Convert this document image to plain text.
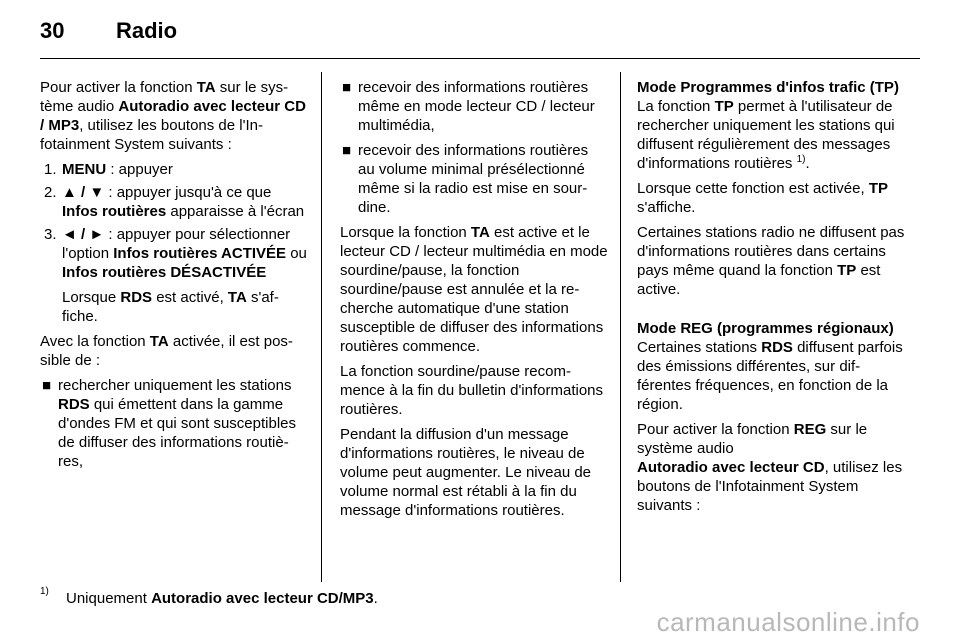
30 Radio

Pour activer la fonction TA sur le système audio Autoradio avec lecteur CD / MP3, utilisez les boutons de l'Infotainment System suivants :

1. MENU : appuyer
2. ▲ / ▼ : appuyer jusqu'à ce que Infos routières apparaisse à l'écran
3. ◄ / ► : appuyer pour sélectionner l'option Infos routières ACTIVÉE ou Infos routières DÉSACTIVÉE

Lorsque RDS est activé, TA s'affiche.

Avec la fonction TA activée, il est possible de :

■ rechercher uniquement les stations RDS qui émettent dans la gamme d'ondes FM et qui sont susceptibles de diffuser des informations routières,
■ recevoir des informations routières même en mode lecteur CD / lecteur multimédia,
■ recevoir des informations routières au volume minimal présélectionné même si la radio est mise en sourdine.

Lorsque la fonction TA est active et le lecteur CD / lecteur multimédia en mode sourdine/pause, la fonction sourdine/pause est annulée et la recherche automatique d'une station susceptible de diffuser des informations routières commence.

La fonction sourdine/pause recommence à la fin du bulletin d'informations routières.

Pendant la diffusion d'un message d'informations routières, le niveau de volume peut augmenter. Le niveau de volume normal est rétabli à la fin du message d'informations routières.

Mode Programmes d'infos trafic (TP)

La fonction TP permet à l'utilisateur de rechercher uniquement les stations qui diffusent régulièrement des messages d'informations routières $^{1)}$.

Lorsque cette fonction est activée, TP s'affiche.

Certaines stations radio ne diffusent pas d'informations routières dans certains pays même quand la fonction TP est active.

Mode REG (programmes régionaux)

Certaines stations RDS diffusent parfois des émissions différentes, sur différentes fréquences, en fonction de la région.

Pour activer la fonction REG sur le système audio
Autoradio avec lecteur CD, utilisez les boutons de l'Infotainment System suivants :

1) Uniquement Autoradio avec lecteur CD/MP3.
carmanualsonline.info
